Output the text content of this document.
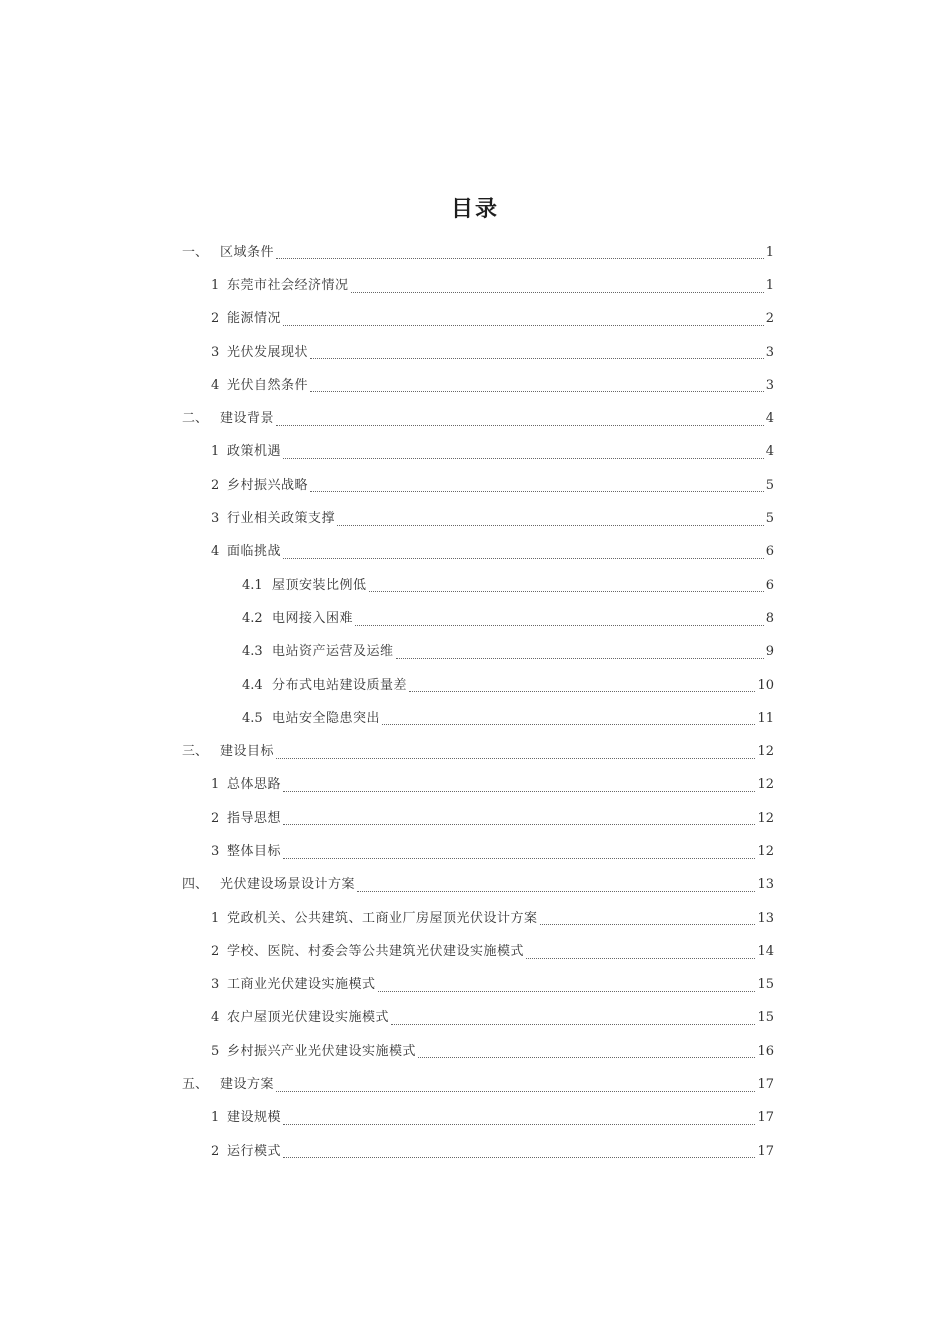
目录
一、 区域条件	1
1 东莞市社会经济情况	1
2 能源情况	2
3 光伏发展现状	3
4 光伏自然条件	3
二、 建设背景	4
1 政策机遇	4
2 乡村振兴战略	5
3 行业相关政策支撑	5
4 面临挑战	6
4.1 屋顶安装比例低	6
4.2 电网接入困难	8
4.3 电站资产运营及运维	9
4.4 分布式电站建设质量差	10
4.5 电站安全隐患突出	11
三、 建设目标	12
1 总体思路	12
2 指导思想	12
3 整体目标	12
四、 光伏建设场景设计方案	13
1 党政机关、公共建筑、工商业厂房屋顶光伏设计方案	13
2 学校、医院、村委会等公共建筑光伏建设实施模式	14
3 工商业光伏建设实施模式	15
4 农户屋顶光伏建设实施模式	15
5 乡村振兴产业光伏建设实施模式	16
五、 建设方案	17
1 建设规模	17
2 运行模式	17
